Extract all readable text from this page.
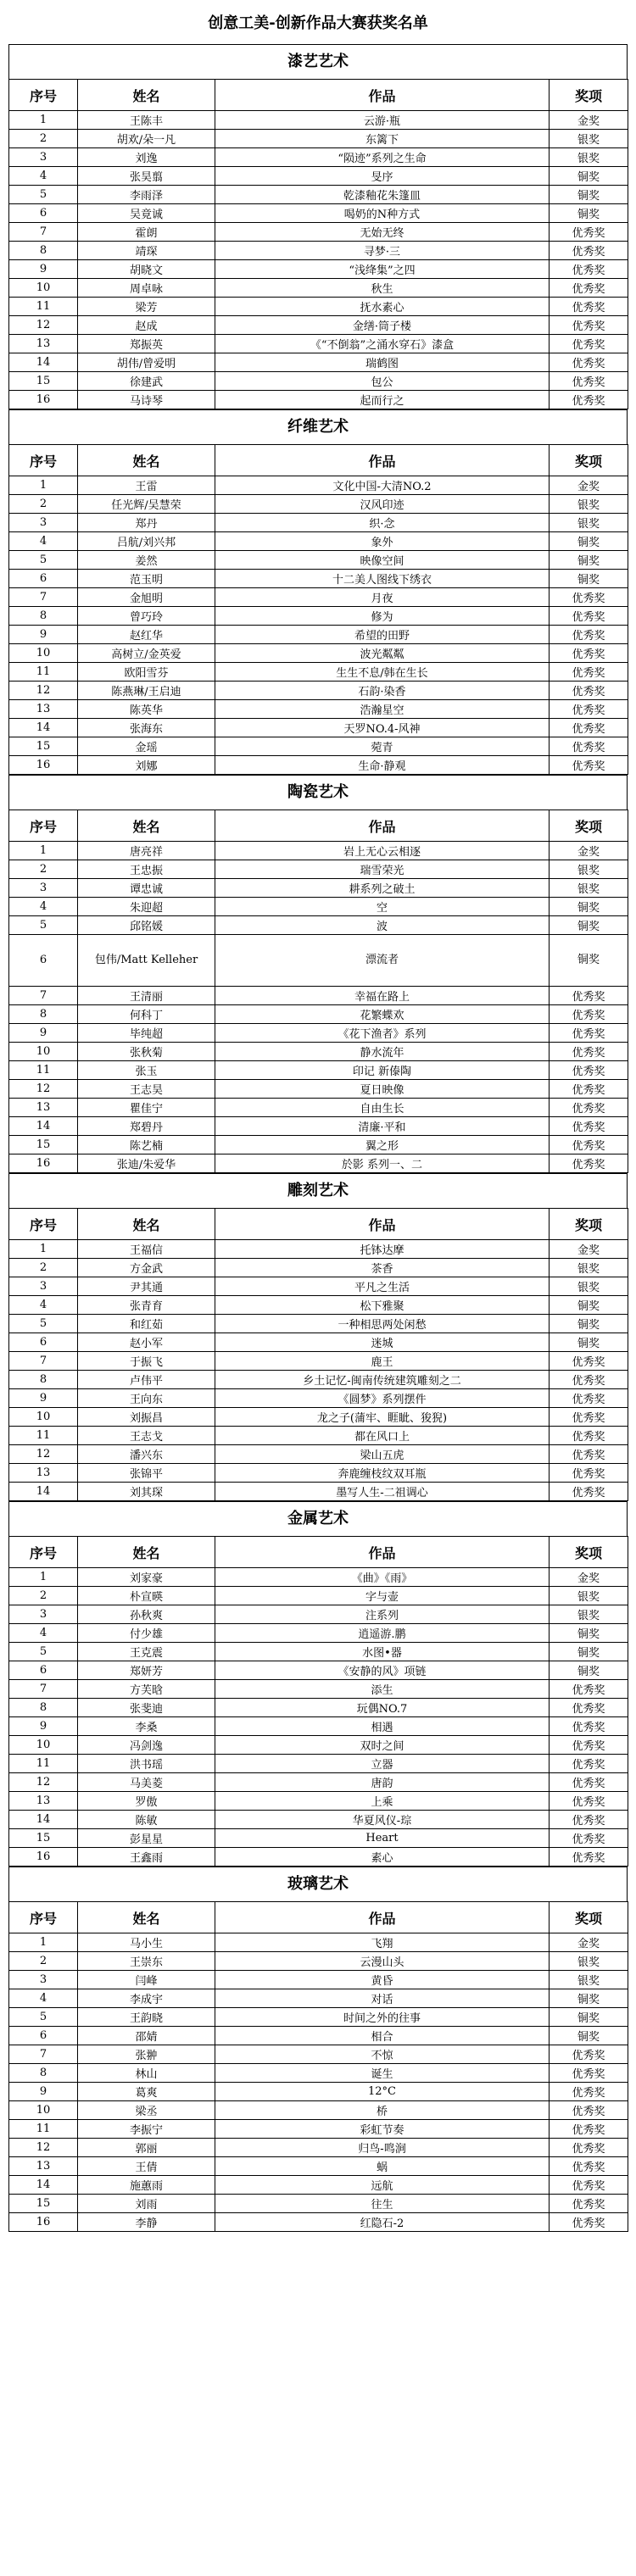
创意工美-创新作品大赛获奖名单
漆艺艺术
序号	姓名	作品	奖项
1	王陈丰	云游·瓶	金奖
2	胡欢/朵一凡	东篱下	银奖
3	刘逸	“陨迹”系列之生命	银奖
4	张昊翦	旻序	铜奖
5	李雨泽	乾漆釉花朱篷皿	铜奖
6	吴竟诚	喝奶的N种方式	铜奖
7	霍朗	无始无终	优秀奖
8	靖琛	寻梦·三	优秀奖
9	胡晓文	“浅绛集”之四	优秀奖
10	周卓咏	秋生	优秀奖
11	梁芳	抚水素心	优秀奖
12	赵成	金缮·筒子楼	优秀奖
13	郑振英	《“不倒翁”之涌水穿石》漆盒	优秀奖
14	胡伟/曾爱明	瑞鹤图	优秀奖
15	徐建武	包公	优秀奖
16	马诗琴	起而行之	优秀奖
纤维艺术
序号	姓名	作品	奖项
1	王雷	文化中国-大清NO.2	金奖
2	任光辉/吴慧荣	汉风印迹	银奖
3	郑丹	织·念	银奖
4	吕航/刘兴邦	象外	铜奖
5	姜然	映像空间	铜奖
6	范玉明	十二美人图线下绣衣	铜奖
7	金旭明	月夜	优秀奖
8	曾巧玲	修为	优秀奖
9	赵红华	希望的田野	优秀奖
10	高树立/金英爱	波光粼粼	优秀奖
11	欧阳雪芬	生生不息/韩在生长	优秀奖
12	陈燕琳/王启迪	石韵·染香	优秀奖
13	陈英华	浩瀚星空	优秀奖
14	张海东	天罗NO.4-风神	优秀奖
15	金瑶	菀青	优秀奖
16	刘娜	生命·静观	优秀奖
陶瓷艺术
序号	姓名	作品	奖项
1	唐亮祥	岩上无心云相逐	金奖
2	王忠振	瑞雪荣光	银奖
3	谭忠诚	耕系列之破土	银奖
4	朱迎超	空	铜奖
5	邱铭媛	波	铜奖
6	包伟/Matt Kelleher	漂流者	铜奖
7	王清丽	幸福在路上	优秀奖
8	何科丁	花繁蝶欢	优秀奖
9	毕纯超	《花下渔者》系列	优秀奖
10	张秋菊	静水流年	优秀奖
11	张玉	印记 新傣陶	优秀奖
12	王志昊	夏日映像	优秀奖
13	瞿佳宁	自由生长	优秀奖
14	郑碧丹	清廉·平和	优秀奖
15	陈艺楠	翼之形	优秀奖
16	张迪/朱爱华	於影 系列一、二	优秀奖
雕刻艺术
序号	姓名	作品	奖项
1	王福信	托钵达摩	金奖
2	方金武	茶香	银奖
3	尹其通	平凡之生活	银奖
4	张青育	松下雅聚	铜奖
5	和红茹	一种相思两处闲愁	铜奖
6	赵小军	迷城	铜奖
7	于振飞	鹿王	优秀奖
8	卢伟平	乡土记忆-闽南传统建筑雕刻之二	优秀奖
9	王向东	《圆梦》系列摆件	优秀奖
10	刘振昌	龙之子(蒲牢、睚眦、狻猊)	优秀奖
11	王志戈	都在风口上	优秀奖
12	潘兴东	梁山五虎	优秀奖
13	张锦平	奔鹿缠枝纹双耳瓶	优秀奖
14	刘其琛	墨写人生-二祖调心	优秀奖
金属艺术
序号	姓名	作品	奖项
1	刘家豪	《曲》《雨》	金奖
2	朴宣暎	字与壶	银奖
3	孙秋爽	注系列	银奖
4	付少雄	逍遥游.鹏	铜奖
5	王克震	水图•器	铜奖
6	郑妍芳	《安静的风》项链	铜奖
7	方芙晗	添生	优秀奖
8	张斐迪	玩偶NO.7	优秀奖
9	李桑	相遇	优秀奖
10	冯剑逸	双时之间	优秀奖
11	洪书瑶	立器	优秀奖
12	马美菱	唐韵	优秀奖
13	罗傲	上乘	优秀奖
14	陈敏	华夏风仪-琮	优秀奖
15	彭星星	Heart	优秀奖
16	王鑫雨	素心	优秀奖
玻璃艺术
序号	姓名	作品	奖项
1	马小生	飞翔	金奖
2	王崇东	云漫山头	银奖
3	闫峰	黄昏	银奖
4	李成宇	对话	铜奖
5	王韵晓	时间之外的往事	铜奖
6	邵婧	相合	铜奖
7	张翀	不惊	优秀奖
8	林山	诞生	优秀奖
9	葛爽	12°C	优秀奖
10	梁丞	桥	优秀奖
11	李振宁	彩虹节奏	优秀奖
12	郭丽	归鸟-鸣涧	优秀奖
13	王倩	蜗	优秀奖
14	施蕙雨	远航	优秀奖
15	刘雨	往生	优秀奖
16	李静	红隐石-2	优秀奖
